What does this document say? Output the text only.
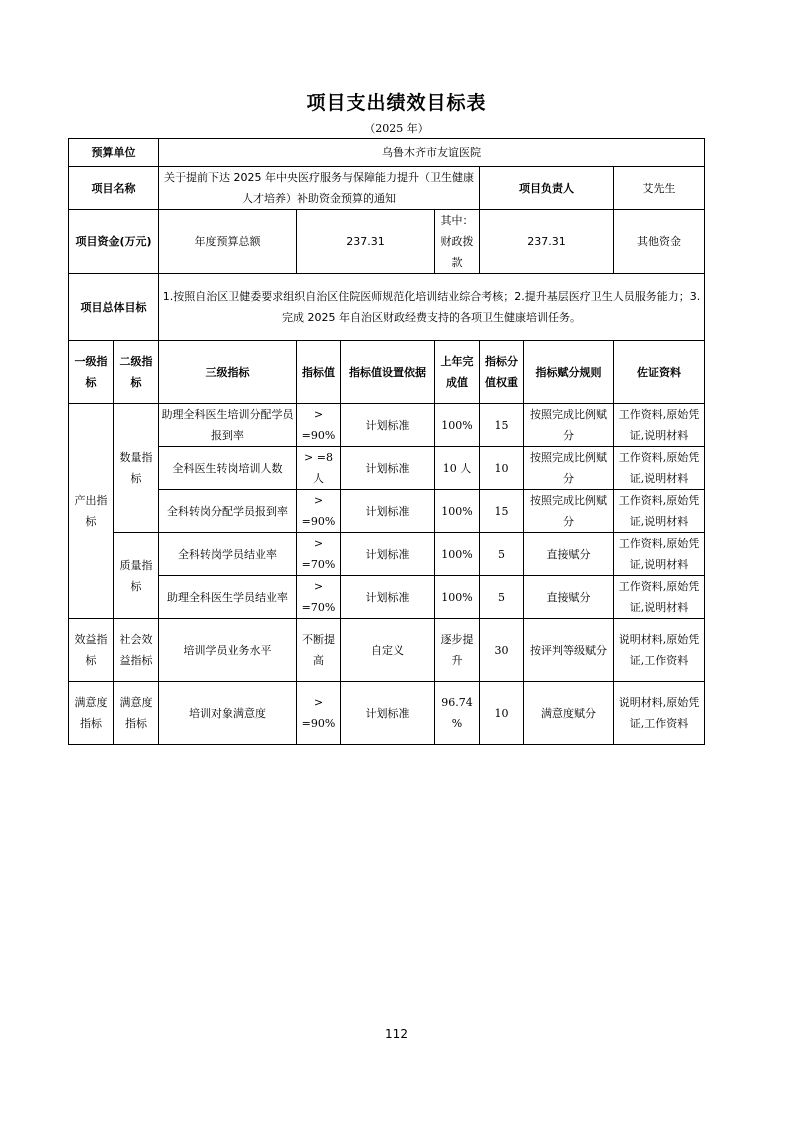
项目支出绩效目标表
（2025 年）
预算单位		乌鲁木齐市友谊医院							
项目名称		关于提前下达 2025 年中央医疗服务与保障能力提升（卫生健康人才培养）补助资金预算的通知				项目负责人		艾先生	
项目资金(万元)		年度预算总额	237.31		其中：财政拨款	237.31		其他资金	
项目总体目标		1.按照自治区卫健委要求组织自治区住院医师规范化培训结业综合考核；2.提升基层医疗卫生人员服务能力；3.完成 2025 年自治区财政经费支持的各项卫生健康培训任务。							
一级指标	二级指标	三级指标	指标值	指标值设置依据	上年完成值	指标分值权重	指标赋分规则	佐证资料	
产出指标	数量指标	助理全科医生培训分配学员报到率	> =90%	计划标准	100%	15	按照完成比例赋分	工作资料,原始凭证,说明材料	
		全科医生转岗培训人数	> =8 人	计划标准	10 人	10	按照完成比例赋分	工作资料,原始凭证,说明材料	
		全科转岗分配学员报到率	> =90%	计划标准	100%	15	按照完成比例赋分	工作资料,原始凭证,说明材料	
	质量指标	全科转岗学员结业率	> =70%	计划标准	100%	5	直接赋分	工作资料,原始凭证,说明材料	
		助理全科医生学员结业率	> =70%	计划标准	100%	5	直接赋分	工作资料,原始凭证,说明材料	
效益指标	社会效益指标	培训学员业务水平	不断提高	自定义	逐步提升	30	按评判等级赋分	说明材料,原始凭证,工作资料	
满意度指标	满意度指标	培训对象满意度	> =90%	计划标准	96.74 %	10	满意度赋分	说明材料,原始凭证,工作资料	
112
